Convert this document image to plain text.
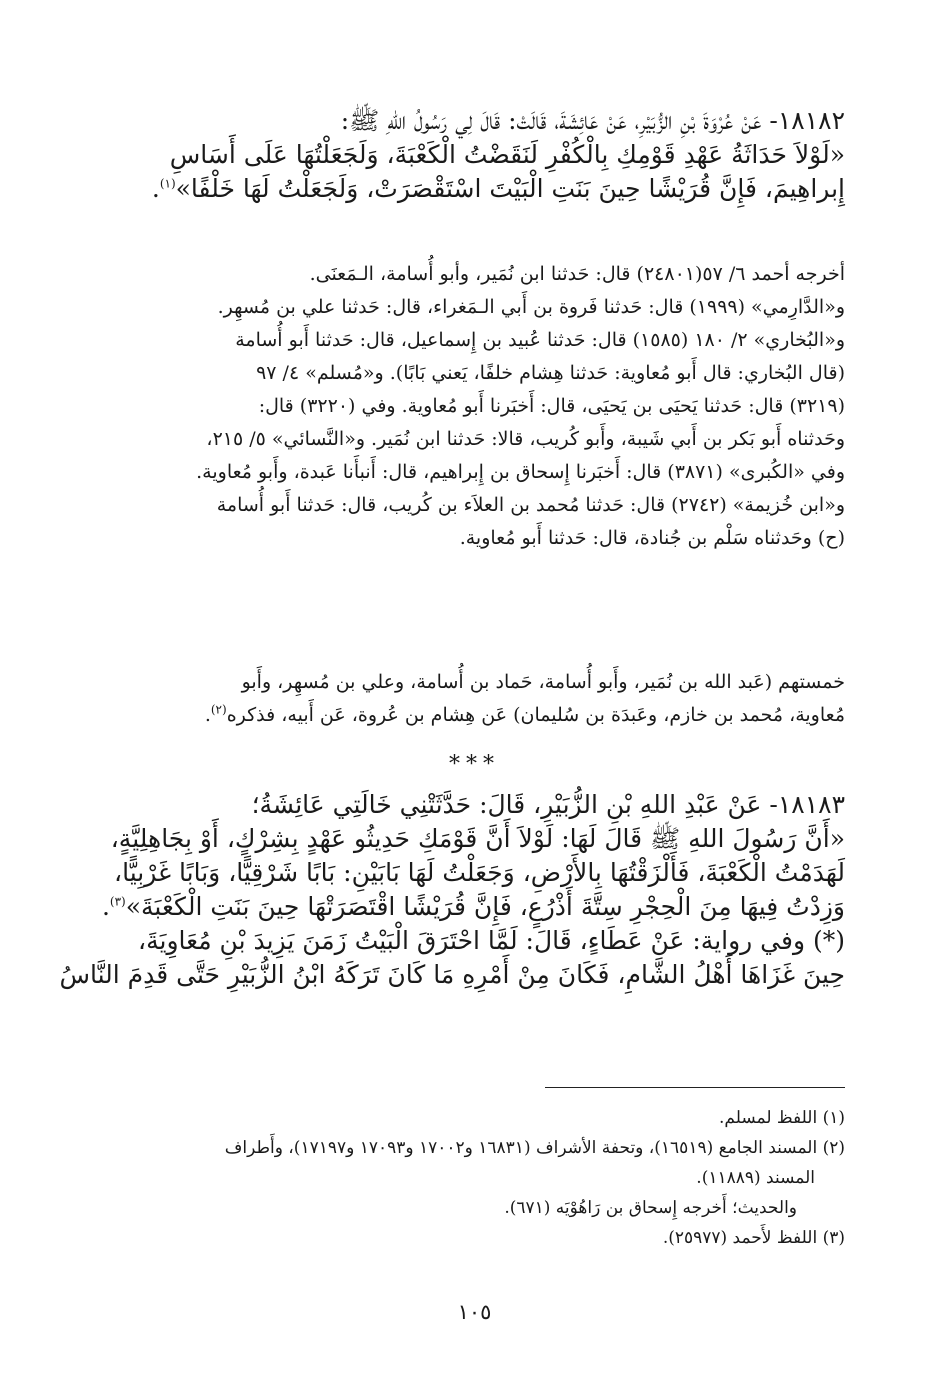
١٨١٨٢- عَنْ عُرْوَةَ بْنِ الزُّبَيْرِ، عَنْ عَائِشَةَ، قَالَتْ: قَالَ لِي رَسُولُ اللهِ ﷺ:
«لَوْلاَ حَدَاثَةُ عَهْدِ قَوْمِكِ بِالْكُفْرِ لَنَقَضْتُ الْكَعْبَةَ، وَلَجَعَلْتُهَا عَلَى أَسَاسِ
إِبراهِيمَ، فَإِنَّ قُرَيْشًا حِينَ بَنَتِ الْبَيْتَ اسْتَقْصَرَتْ، وَلَجَعَلْتُ لَهَا خَلْفًا»$^{(١)}$.
أخرجه أحمد ٦/ ٥٧(٢٤٨٠١) قال: حَدثنا ابن نُمَير، وأبو أُسامة، الـمَعنَى.
و«الدَّارِمي» (١٩٩٩) قال: حَدثنا فَروة بن أَبي الـمَغراء، قال: حَدثنا علي بن مُسهِر.
و«البُخاري» ٢/ ١٨٠ (١٥٨٥) قال: حَدثنا عُبيد بن إِسماعيل، قال: حَدثنا أَبو أُسامة
(قال البُخاري: قال أَبو مُعاوية: حَدثنا هِشام خلفًا، يَعني بَابًا). و«مُسلم» ٤/ ٩٧
(٣٢١٩) قال: حَدثنا يَحيَى بن يَحيَى، قال: أَخبَرنا أَبو مُعاوية. وفي (٣٢٢٠) قال:
وحَدثناه أَبو بَكر بن أَبي شَيبة، وأَبو كُريب، قالا: حَدثنا ابن نُمَير. و«النَّسائي» ٥/ ٢١٥،
وفي «الكُبرى» (٣٨٧١) قال: أَخبَرنا إِسحاق بن إِبراهيم، قال: أَنبأَنا عَبدة، وأَبو مُعاوية.
و«ابن خُزيمة» (٢٧٤٢) قال: حَدثنا مُحمد بن العلاَء بن كُريب، قال: حَدثنا أَبو أُسامة
(ح) وحَدثناه سَلْم بن جُنادة، قال: حَدثنا أَبو مُعاوية.
خمستهم (عَبد الله بن نُمَير، وأَبو أُسامة، حَماد بن أُسامة، وعلي بن مُسهِر، وأَبو
مُعاوية، مُحمد بن خازم، وعَبدَة بن سُليمان) عَن هِشام بن عُروة، عَن أَبيه، فذكره$^{(٢)}$.
***
١٨١٨٣- عَنْ عَبْدِ اللهِ بْنِ الزُّبَيْرِ، قَالَ: حَدَّثَتْنِي خَالَتِي عَائِشَةُ؛
«أَنَّ رَسُولَ اللهِ ﷺ قَالَ لَهَا: لَوْلاَ أَنَّ قَوْمَكِ حَدِيثُو عَهْدٍ بِشِرْكٍ، أَوْ بِجَاهِلِيَّةٍ،
لَهَدَمْتُ الْكَعْبَةَ، فَأَلْزَقْتُهَا بِالأَرْضِ، وَجَعَلْتُ لَهَا بَابَيْنِ: بَابًا شَرْقِيًّا، وَبَابًا غَرْبِيًّا،
وَزِدْتُ فِيهَا مِنَ الْحِجْرِ سِتَّةَ أَذْرُعٍ، فَإِنَّ قُرَيْشًا اقْتَصَرَتْهَا حِينَ بَنَتِ الْكَعْبَةَ»$^{(٣)}$.
(*) وفي رواية: عَنْ عَطَاءٍ، قَالَ: لَمَّا احْتَرَقَ الْبَيْتُ زَمَنَ يَزِيدَ بْنِ مُعَاوِيَةَ،
حِينَ غَزَاهَا أَهْلُ الشَّامِ، فَكَانَ مِنْ أَمْرِهِ مَا كَانَ تَرَكَهُ ابْنُ الزُّبَيْرِ حَتَّى قَدِمَ النَّاسُ
(١) اللفظ لمسلم.
(٢) المسند الجامع (١٦٥١٩)، وتحفة الأشراف (١٦٨٣١ و١٧٠٠٢ و١٧٠٩٣ و١٧١٩٧)، وأَطراف
المسند (١١٨٨٩).
والحديث؛ أَخرجه إِسحاق بن رَاهُوْيَه (٦٧١).
(٣) اللفظ لأَحمد (٢٥٩٧٧).
١٠٥
